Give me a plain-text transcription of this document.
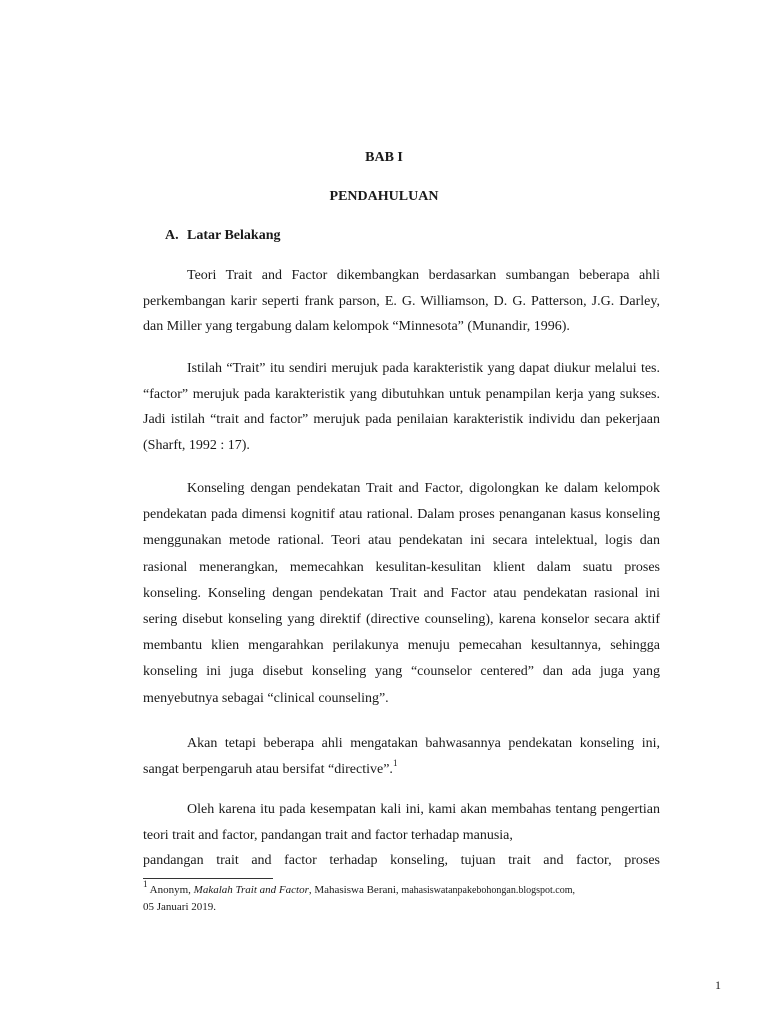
BAB I
PENDAHULUAN
A. Latar Belakang

Teori Trait and Factor dikembangkan berdasarkan sumbangan beberapa ahli perkembangan karir seperti frank parson, E. G. Williamson, D. G. Patterson, J.G. Darley, dan Miller yang tergabung dalam kelompok “Minnesota” (Munandir, 1996).

Istilah “Trait” itu sendiri merujuk pada karakteristik yang dapat diukur melalui tes. “factor” merujuk pada karakteristik yang dibutuhkan untuk penampilan kerja yang sukses. Jadi istilah “trait and factor” merujuk pada penilaian karakteristik individu dan pekerjaan (Sharft, 1992 : 17).

Konseling dengan pendekatan Trait and Factor, digolongkan ke dalam kelompok pendekatan pada dimensi kognitif atau rational. Dalam proses penanganan kasus konseling menggunakan metode rational. Teori atau pendekatan ini secara intelektual, logis dan rasional menerangkan, memecahkan kesulitan-kesulitan klient dalam suatu proses konseling. Konseling dengan pendekatan Trait and Factor atau pendekatan rasional ini sering disebut konseling yang direktif (directive counseling), karena konselor secara aktif membantu klien mengarahkan perilakunya menuju pemecahan kesultannya, sehingga konseling ini juga disebut konseling yang “counselor centered” dan ada juga yang menyebutnya sebagai “clinical counseling”.

Akan tetapi beberapa ahli mengatakan bahwasannya pendekatan konseling ini, sangat berpengaruh atau bersifat “directive”.$^1$

Oleh karena itu pada kesempatan kali ini, kami akan membahas tentang pengertian teori trait and factor, pandangan trait and factor terhadap manusia,
pandangan trait and factor terhadap konseling, tujuan trait and factor, proses

$^1$ Anonym, Makalah Trait and Factor, Mahasiswa Berani, mahasiswatanpakebohongan.blogspot.com,
05 Januari 2019.

1
